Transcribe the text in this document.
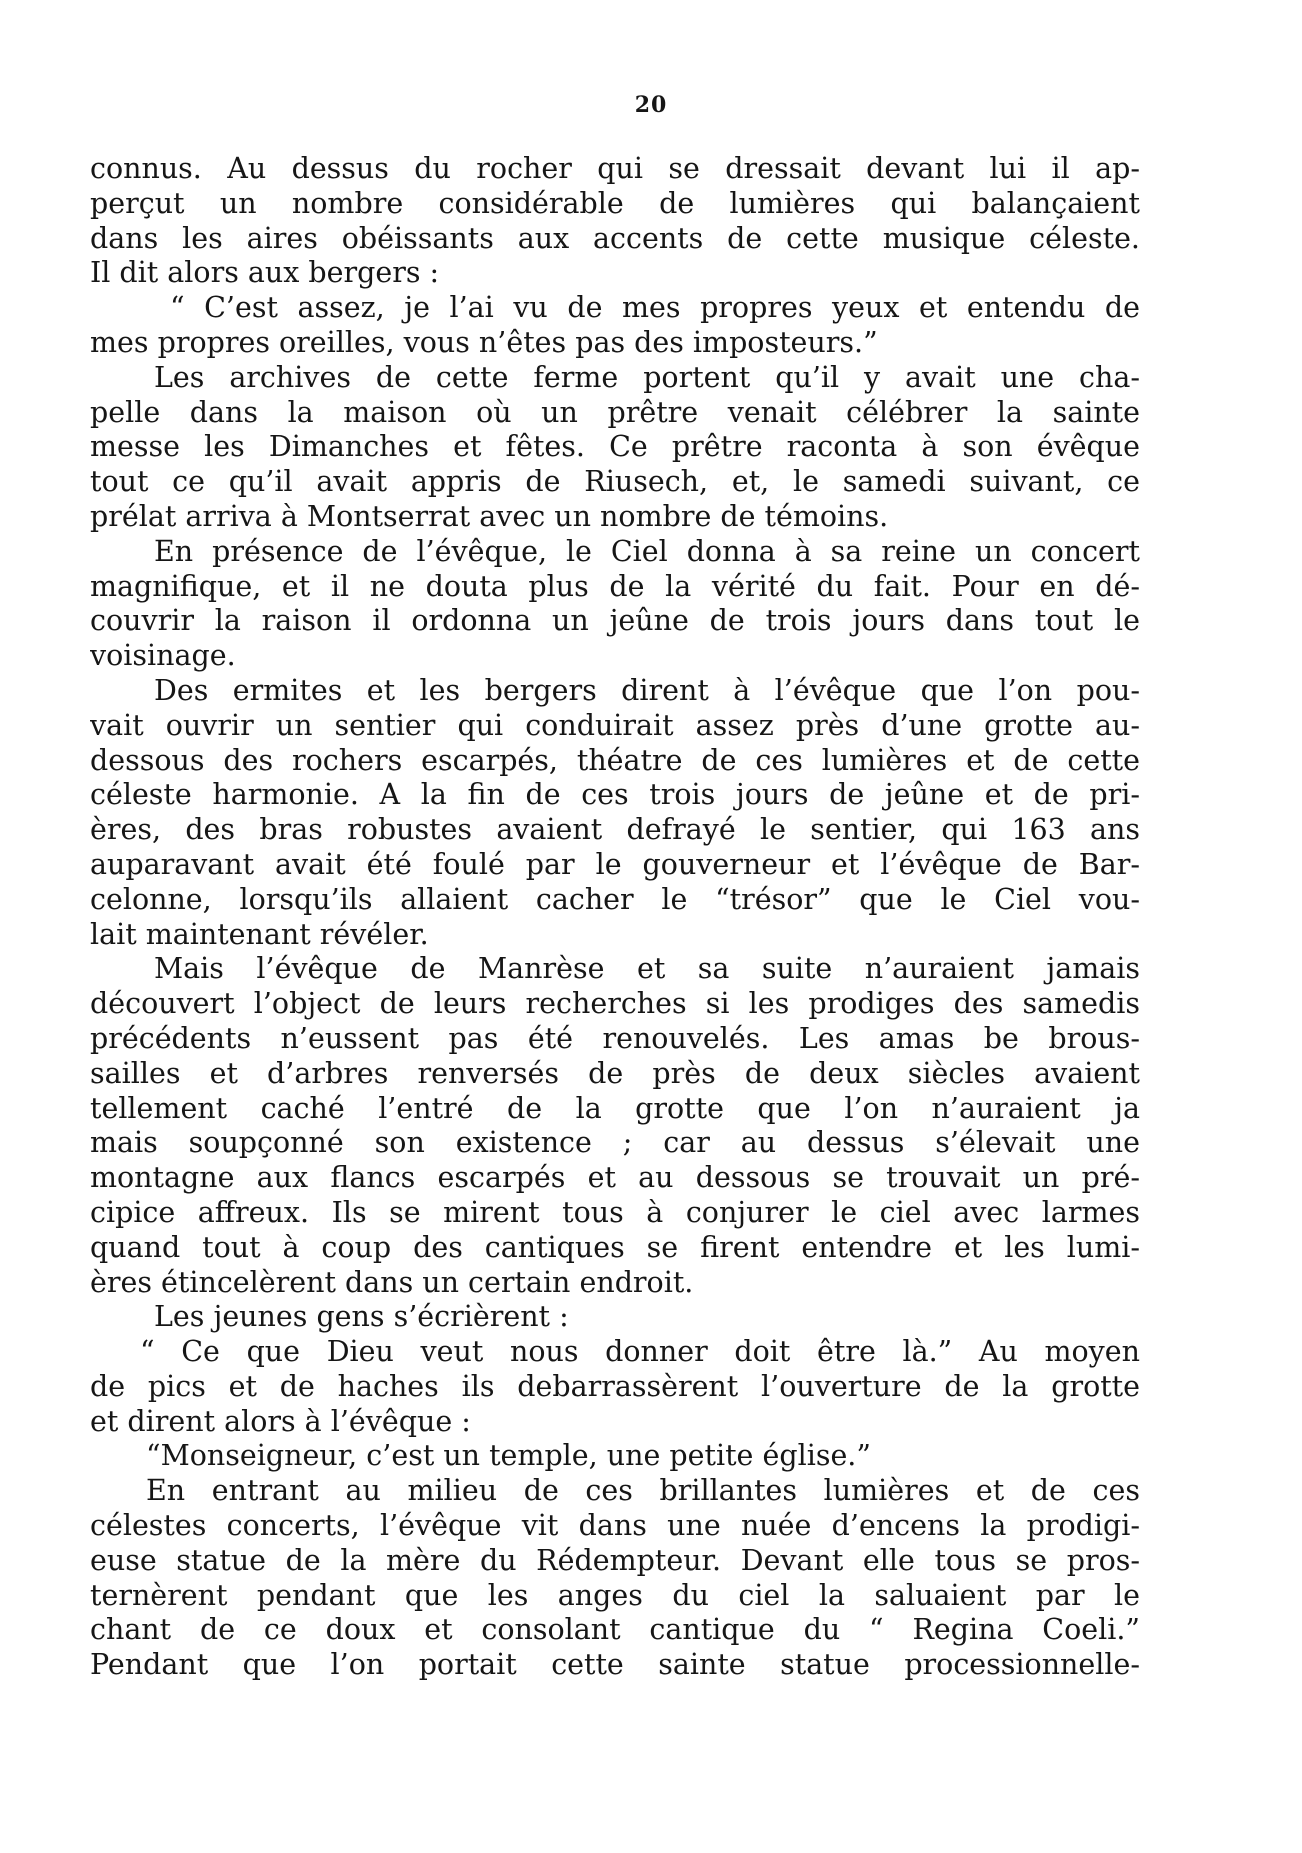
20
connus. Au dessus du rocher qui se dressait devant lui il ap-
perçut un nombre considérable de lumières qui balançaient
dans les aires obéissants aux accents de cette musique céleste.
Il dit alors aux bergers :
“ C’est assez, je l’ai vu de mes propres yeux et entendu de
mes propres oreilles, vous n’êtes pas des imposteurs.”
Les archives de cette ferme portent qu’il y avait une cha-
pelle dans la maison où un prêtre venait célébrer la sainte
messe les Dimanches et fêtes. Ce prêtre raconta à son évêque
tout ce qu’il avait appris de Riusech, et, le samedi suivant, ce
prélat arriva à Montserrat avec un nombre de témoins.
En présence de l’évêque, le Ciel donna à sa reine un concert
magnifique, et il ne douta plus de la vérité du fait. Pour en dé-
couvrir la raison il ordonna un jeûne de trois jours dans tout le
voisinage.
Des ermites et les bergers dirent à l’évêque que l’on pou-
vait ouvrir un sentier qui conduirait assez près d’une grotte au-
dessous des rochers escarpés, théatre de ces lumières et de cette
céleste harmonie. A la fin de ces trois jours de jeûne et de pri-
ères, des bras robustes avaient defrayé le sentier, qui 163 ans
auparavant avait été foulé par le gouverneur et l’évêque de Bar-
celonne, lorsqu’ils allaient cacher le “trésor” que le Ciel vou-
lait maintenant révéler.
Mais l’évêque de Manrèse et sa suite n’auraient jamais
découvert l’object de leurs recherches si les prodiges des samedis
précédents n’eussent pas été renouvelés. Les amas be brous-
sailles et d’arbres renversés de près de deux siècles avaient
tellement caché l’entré de la grotte que l’on n’auraient ja
mais soupçonné son existence ; car au dessus s’élevait une
montagne aux flancs escarpés et au dessous se trouvait un pré-
cipice affreux. Ils se mirent tous à conjurer le ciel avec larmes
quand tout à coup des cantiques se firent entendre et les lumi-
ères étincelèrent dans un certain endroit.
Les jeunes gens s’écrièrent :
“ Ce que Dieu veut nous donner doit être là.” Au moyen
de pics et de haches ils debarrassèrent l’ouverture de la grotte
et dirent alors à l’évêque :
“Monseigneur, c’est un temple, une petite église.”
En entrant au milieu de ces brillantes lumières et de ces
célestes concerts, l’évêque vit dans une nuée d’encens la prodigi-
euse statue de la mère du Rédempteur. Devant elle tous se pros-
ternèrent pendant que les anges du ciel la saluaient par le
chant de ce doux et consolant cantique du “ Regina Coeli.”
Pendant que l’on portait cette sainte statue processionnelle-
